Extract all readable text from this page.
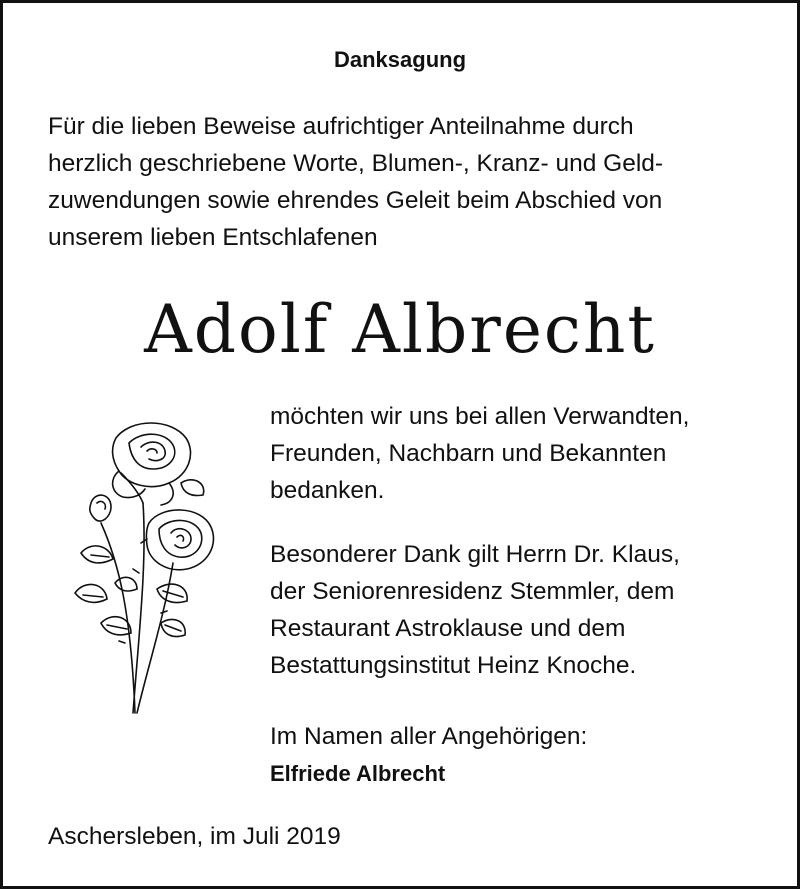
Danksagung
Für die lieben Beweise aufrichtiger Anteilnahme durch
herzlich geschriebene Worte, Blumen-, Kranz- und Geld-
zuwendungen sowie ehrendes Geleit beim Abschied von
unserem lieben Entschlafenen
Adolf Albrecht
möchten wir uns bei allen Verwandten,
Freunden, Nachbarn und Bekannten
bedanken.
Besonderer Dank gilt Herrn Dr. Klaus,
der Seniorenresidenz Stemmler, dem
Restaurant Astroklause und dem
Bestattungsinstitut Heinz Knoche.
Im Namen aller Angehörigen:
Elfriede Albrecht
Aschersleben, im Juli 2019
